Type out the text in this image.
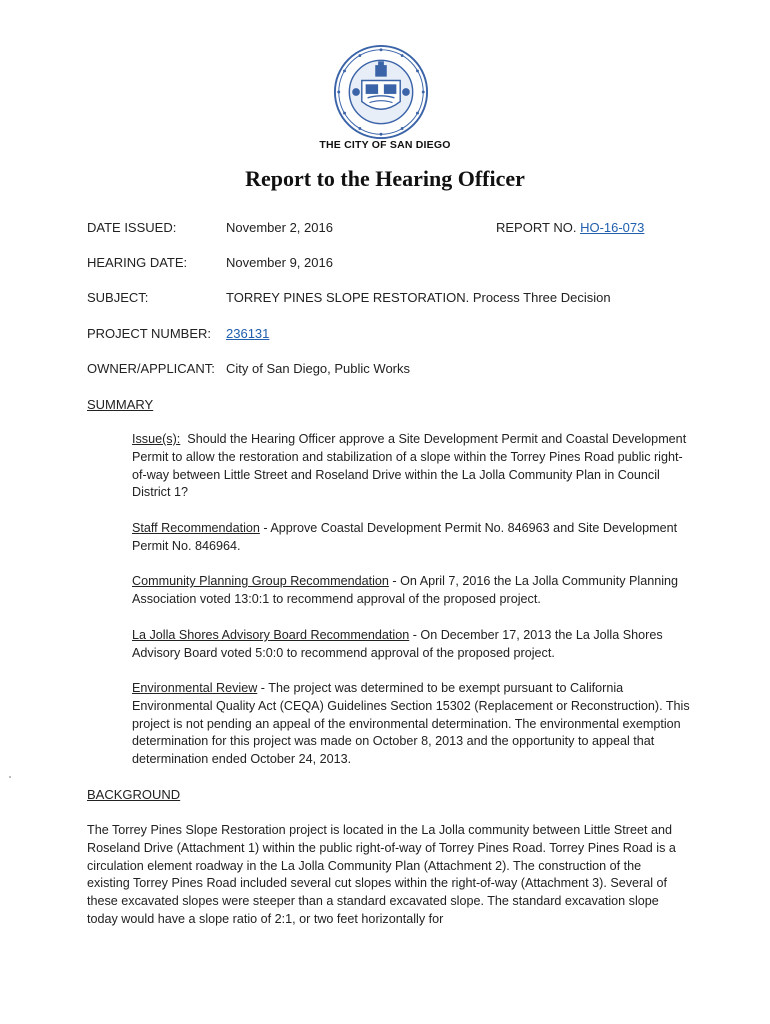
THE CITY OF SAN DIEGO
Report to the Hearing Officer
DATE ISSUED:	November 2, 2016	REPORT NO. HO-16-073
HEARING DATE:	November 9, 2016
SUBJECT:	TORREY PINES SLOPE RESTORATION. Process Three Decision
PROJECT NUMBER: 236131
OWNER/APPLICANT: City of San Diego, Public Works
SUMMARY
Issue(s): Should the Hearing Officer approve a Site Development Permit and Coastal Development Permit to allow the restoration and stabilization of a slope within the Torrey Pines Road public right-of-way between Little Street and Roseland Drive within the La Jolla Community Plan in Council District 1?
Staff Recommendation - Approve Coastal Development Permit No. 846963 and Site Development Permit No. 846964.
Community Planning Group Recommendation - On April 7, 2016 the La Jolla Community Planning Association voted 13:0:1 to recommend approval of the proposed project.
La Jolla Shores Advisory Board Recommendation - On December 17, 2013 the La Jolla Shores Advisory Board voted 5:0:0 to recommend approval of the proposed project.
Environmental Review - The project was determined to be exempt pursuant to California Environmental Quality Act (CEQA) Guidelines Section 15302 (Replacement or Reconstruction). This project is not pending an appeal of the environmental determination. The environmental exemption determination for this project was made on October 8, 2013 and the opportunity to appeal that determination ended October 24, 2013.
BACKGROUND
The Torrey Pines Slope Restoration project is located in the La Jolla community between Little Street and Roseland Drive (Attachment 1) within the public right-of-way of Torrey Pines Road. Torrey Pines Road is a circulation element roadway in the La Jolla Community Plan (Attachment 2). The construction of the existing Torrey Pines Road included several cut slopes within the right-of-way (Attachment 3). Several of these excavated slopes were steeper than a standard excavated slope. The standard excavation slope today would have a slope ratio of 2:1, or two feet horizontally for
